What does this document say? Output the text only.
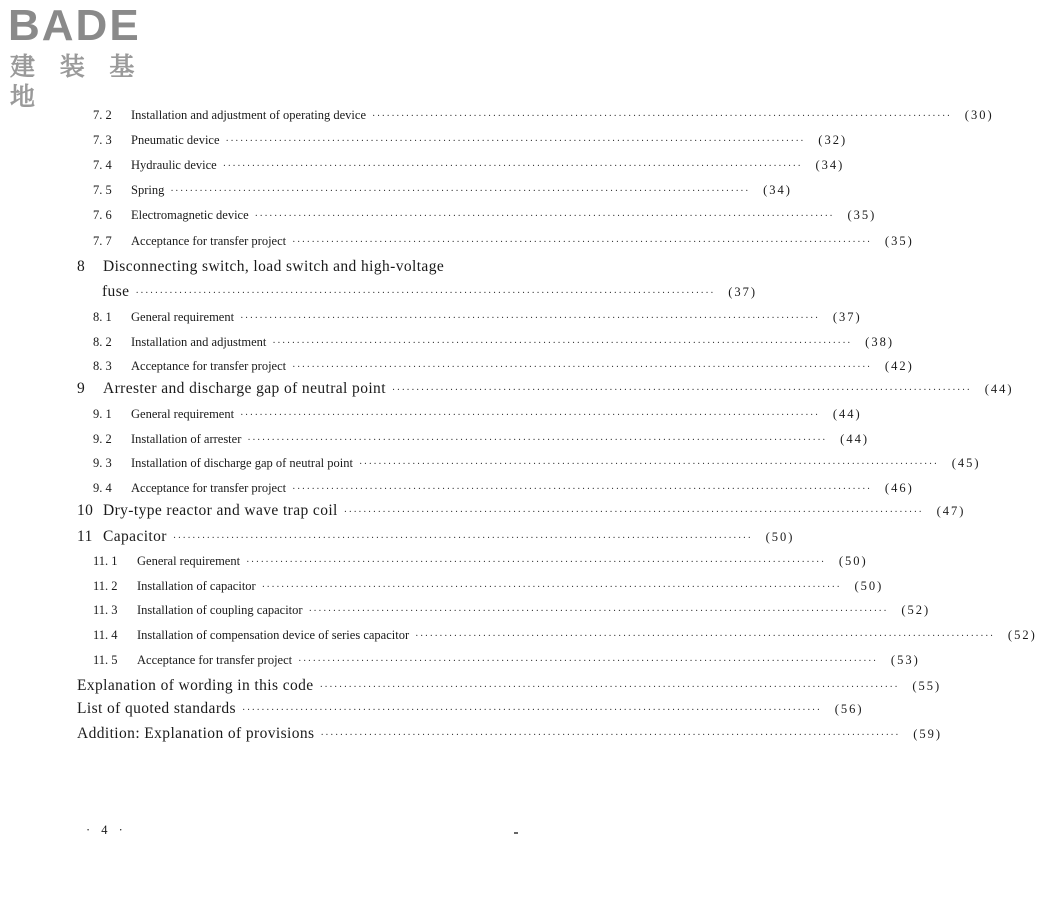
BADE
建 装 基 地
7. 2	Installation and adjustment of operating device ························································································································	(30)
7. 3	Pneumatic device ························································································································	(32)
7. 4	Hydraulic device ························································································································	(34)
7. 5	Spring ························································································································	(34)
7. 6	Electromagnetic device ························································································································	(35)
7. 7	Acceptance for transfer project ························································································································	(35)
8	Disconnecting switch, load switch and high-voltage
fuse ························································································································	(37)
8. 1	General requirement ························································································································	(37)
8. 2	Installation and adjustment ························································································································	(38)
8. 3	Acceptance for transfer project ························································································································	(42)
9	Arrester and discharge gap of neutral point ························································································································	(44)
9. 1	General requirement ························································································································	(44)
9. 2	Installation of arrester ························································································································	(44)
9. 3	Installation of discharge gap of neutral point ························································································································	(45)
9. 4	Acceptance for transfer project ························································································································	(46)
10 Dry-type reactor and wave trap coil ························································································································	(47)
11 Capacitor ························································································································	(50)
11. 1	General requirement ························································································································	(50)
11. 2	Installation of capacitor ························································································································	(50)
11. 3	Installation of coupling capacitor ························································································································	(52)
11. 4	Installation of compensation device of series capacitor ························································································································	(52)
11. 5	Acceptance for transfer project ························································································································	(53)
Explanation of wording in this code ························································································································	(55)
List of quoted standards ························································································································	(56)
Addition: Explanation of provisions ························································································································	(59)
· 4 ·
